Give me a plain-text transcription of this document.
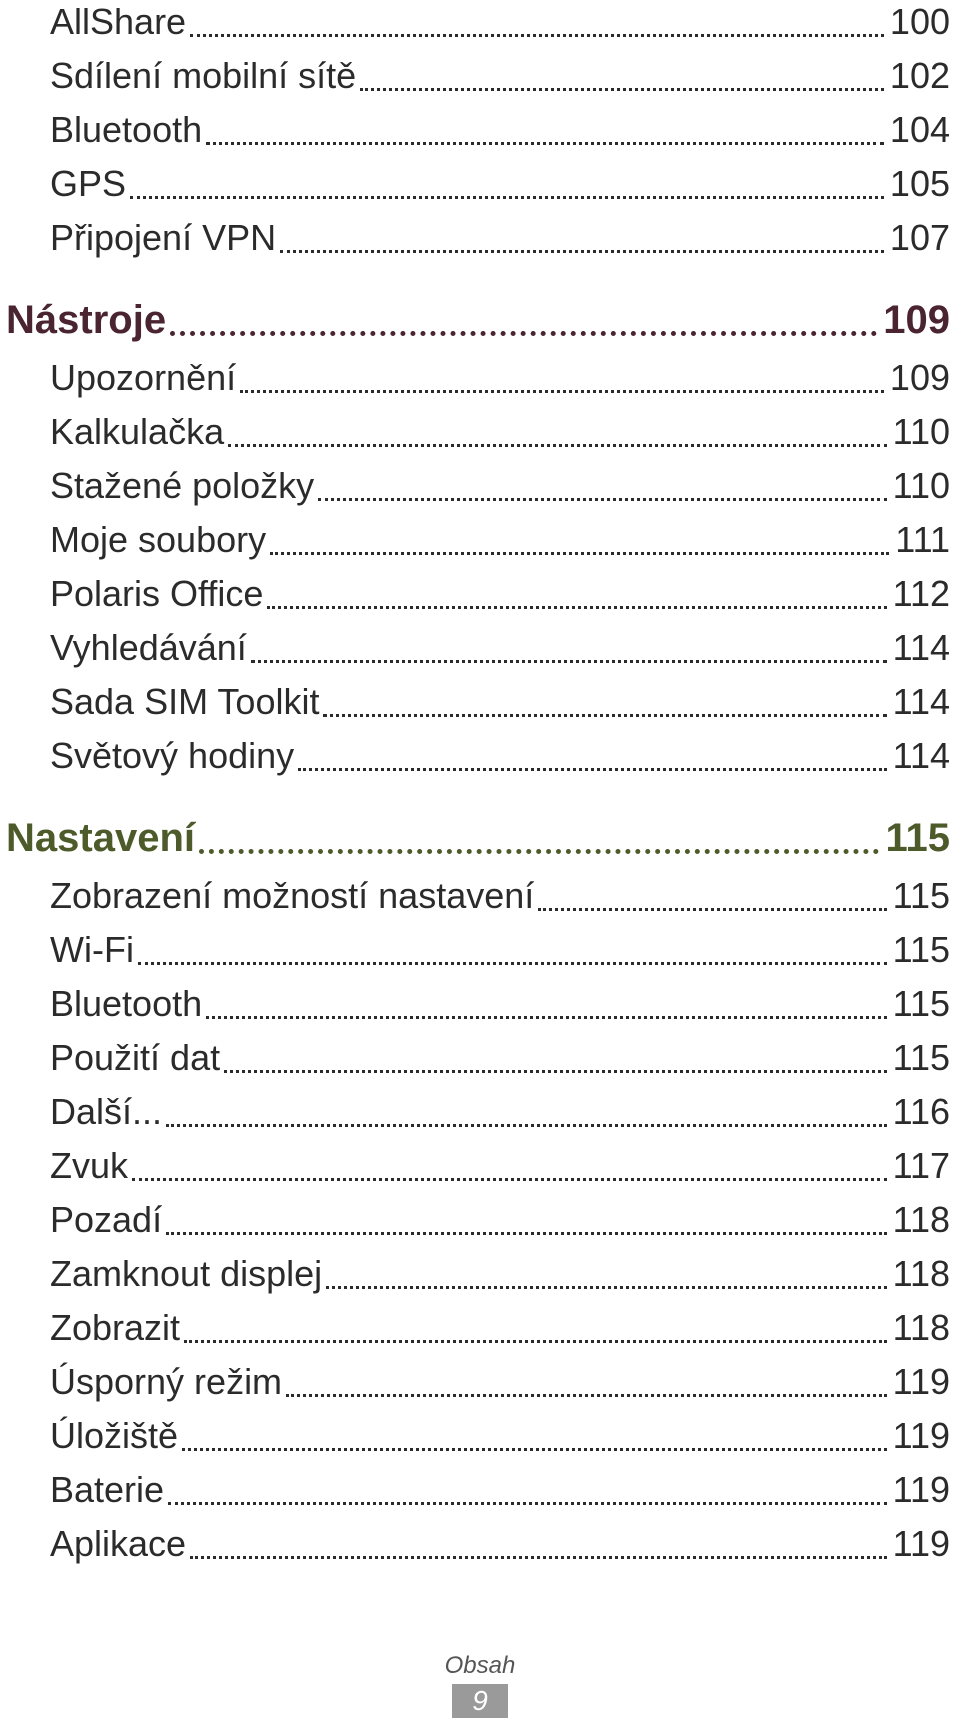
AllShare	100
Sdílení mobilní sítě	102
Bluetooth	104
GPS	105
Připojení VPN	107
Nástroje	109
Upozornění	109
Kalkulačka	110
Stažené položky	110
Moje soubory	111
Polaris Office	112
Vyhledávání	114
Sada SIM Toolkit	114
Světový hodiny	114
Nastavení	115
Zobrazení možností nastavení	115
Wi-Fi	115
Bluetooth	115
Použití dat	115
Další...	116
Zvuk	117
Pozadí	118
Zamknout displej	118
Zobrazit	118
Úsporný režim	119
Úložiště	119
Baterie	119
Aplikace	119
Obsah
9
